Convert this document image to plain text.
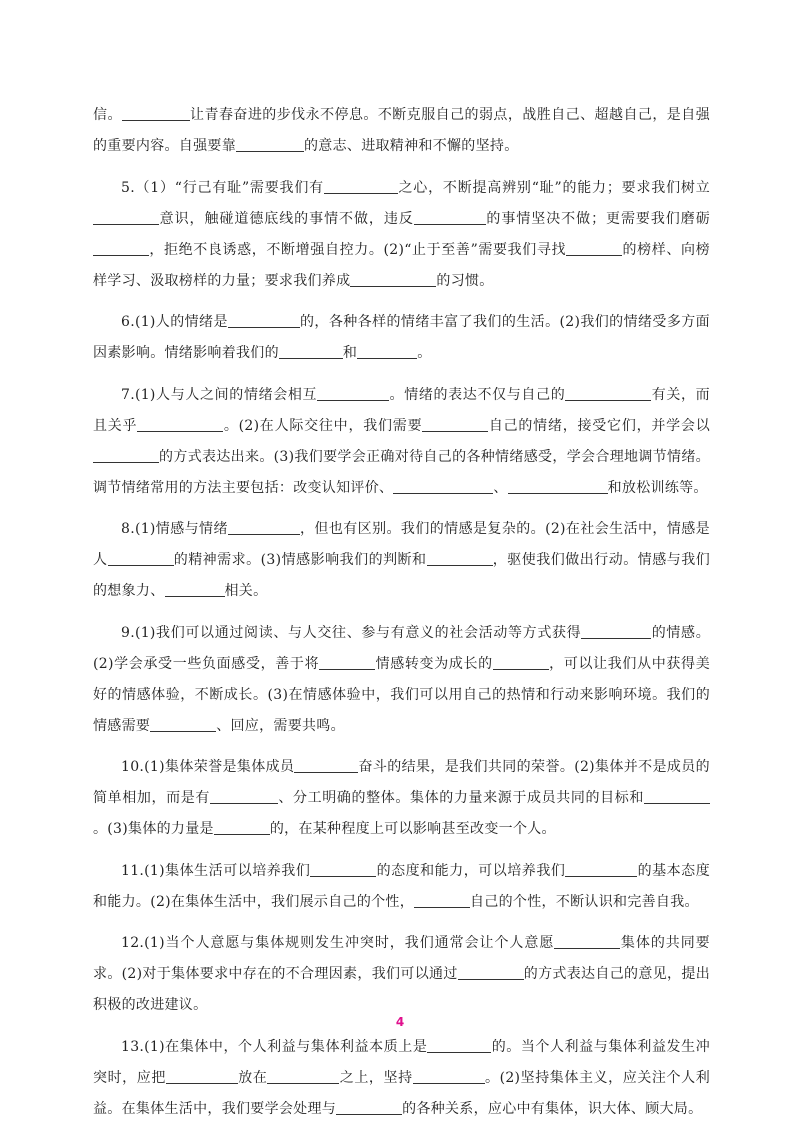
信。	让青春奋进的步伐永不停息。不断克服自己的弱点，战胜自己、超越自己，是自强的重要内容。自强要靠	的意志、进取精神和不懈的坚持。

5.（1）“行己有耻”需要我们有	之心，不断提高辨别“耻”的能力；要求我们树立意识，触碰道德底线的事情不做，违反	的事情坚决不做；更需要我们磨砺，拒绝不良诱惑，不断增强自控力。(2)“止于至善”需要我们寻找	的榜样、向榜样学习、汲取榜样的力量；要求我们养成	的习惯。

6.(1)人的情绪是	的，各种各样的情绪丰富了我们的生活。(2)我们的情绪受多方面因素影响。情绪影响着我们的	和	。

7.(1)人与人之间的情绪会相互	。情绪的表达不仅与自己的	有关，而且关乎	。(2)在人际交往中，我们需要	自己的情绪，接受它们，并学会以的方式表达出来。(3)我们要学会正确对待自己的各种情绪感受，学会合理地调节情绪。调节情绪常用的方法主要包括：改变认知评价、	、	和放松训练等。

8.(1)情感与情绪	，但也有区别。我们的情感是复杂的。(2)在社会生活中，情感是人	的精神需求。(3)情感影响我们的判断和	，驱使我们做出行动。情感与我们的想象力、	相关。

9.(1)我们可以通过阅读、与人交往、参与有意义的社会活动等方式获得	的情感。(2)学会承受一些负面感受，善于将	情感转变为成长的	，可以让我们从中获得美好的情感体验，不断成长。(3)在情感体验中，我们可以用自己的热情和行动来影响环境。我们的情感需要	、回应，需要共鸣。

10.(1)集体荣誉是集体成员	奋斗的结果，是我们共同的荣誉。(2)集体并不是成员的简单相加，而是有	、分工明确的整体。集体的力量来源于成员共同的目标和。(3)集体的力量是	的，在某种程度上可以影响甚至改变一个人。

11.(1)集体生活可以培养我们	的态度和能力，可以培养我们	的基本态度和能力。(2)在集体生活中，我们展示自己的个性，	自己的个性，不断认识和完善自我。

12.(1)当个人意愿与集体规则发生冲突时，我们通常会让个人意愿	集体的共同要求。(2)对于集体要求中存在的不合理因素，我们可以通过	的方式表达自己的意见，提出积极的改进建议。

13.(1)在集体中，个人利益与集体利益本质上是	的。当个人利益与集体利益发生冲突时，应把	放在	之上，坚持	。(2)坚持集体主义，应关注个人利益。在集体生活中，我们要学会处理与	的各种关系，应心中有集体，识大体、顾大局。

4
